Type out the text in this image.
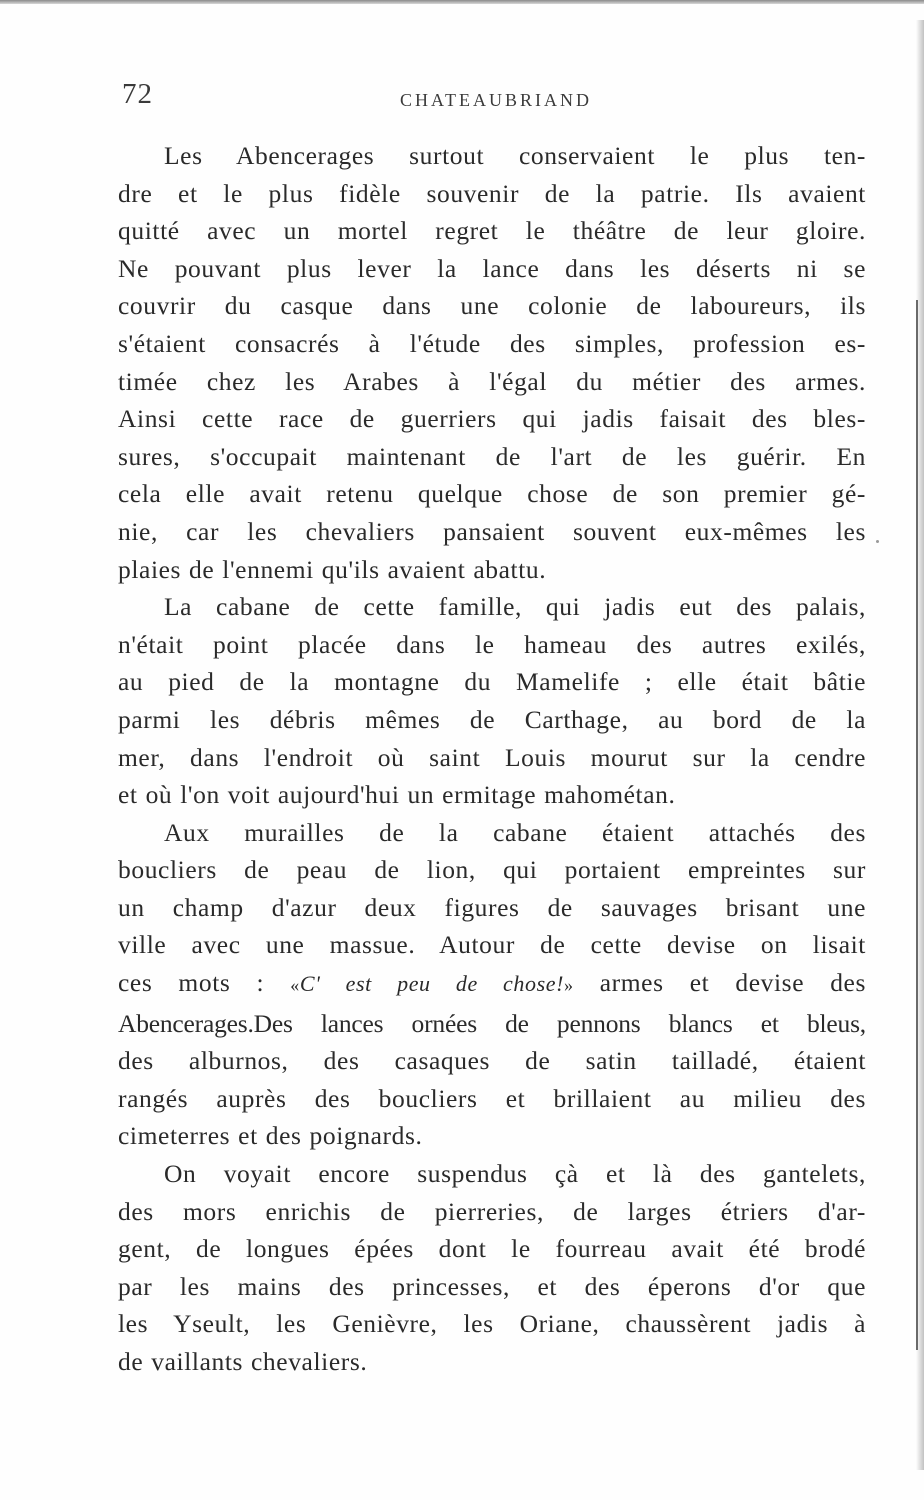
72	CHATEAUBRIAND

Les Abencerages surtout conservaient le plus ten-
dre et le plus fidèle souvenir de la patrie. Ils avaient
quitté avec un mortel regret le théâtre de leur gloire.
Ne pouvant plus lever la lance dans les déserts ni se
couvrir du casque dans une colonie de laboureurs, ils
s'étaient consacrés à l'étude des simples, profession es-
timée chez les Arabes à l'égal du métier des armes.
Ainsi cette race de guerriers qui jadis faisait des bles-
sures, s'occupait maintenant de l'art de les guérir. En
cela elle avait retenu quelque chose de son premier gé-
nie, car les chevaliers pansaient souvent eux-mêmes les
plaies de l'ennemi qu'ils avaient abattu.

La cabane de cette famille, qui jadis eut des palais,
n'était point placée dans le hameau des autres exilés,
au pied de la montagne du Mamelife ; elle était bâtie
parmi les débris mêmes de Carthage, au bord de la
mer, dans l'endroit où saint Louis mourut sur la cendre
et où l'on voit aujourd'hui un ermitage mahométan.

Aux murailles de la cabane étaient attachés des
boucliers de peau de lion, qui portaient empreintes sur
un champ d'azur deux figures de sauvages brisant une
ville avec une massue. Autour de cette devise on lisait
ces mots : «C' est peu de chose!» armes et devise des
Abencerages.Des lances ornées de pennons blancs et bleus,
des alburnos, des casaques de satin tailladé, étaient
rangés auprès des boucliers et brillaient au milieu des
cimeterres et des poignards.

On voyait encore suspendus çà et là des gantelets,
des mors enrichis de pierreries, de larges étriers d'ar-
gent, de longues épées dont le fourreau avait été brodé
par les mains des princesses, et des éperons d'or que
les Yseult, les Genièvre, les Oriane, chaussèrent jadis à
de vaillants chevaliers.
